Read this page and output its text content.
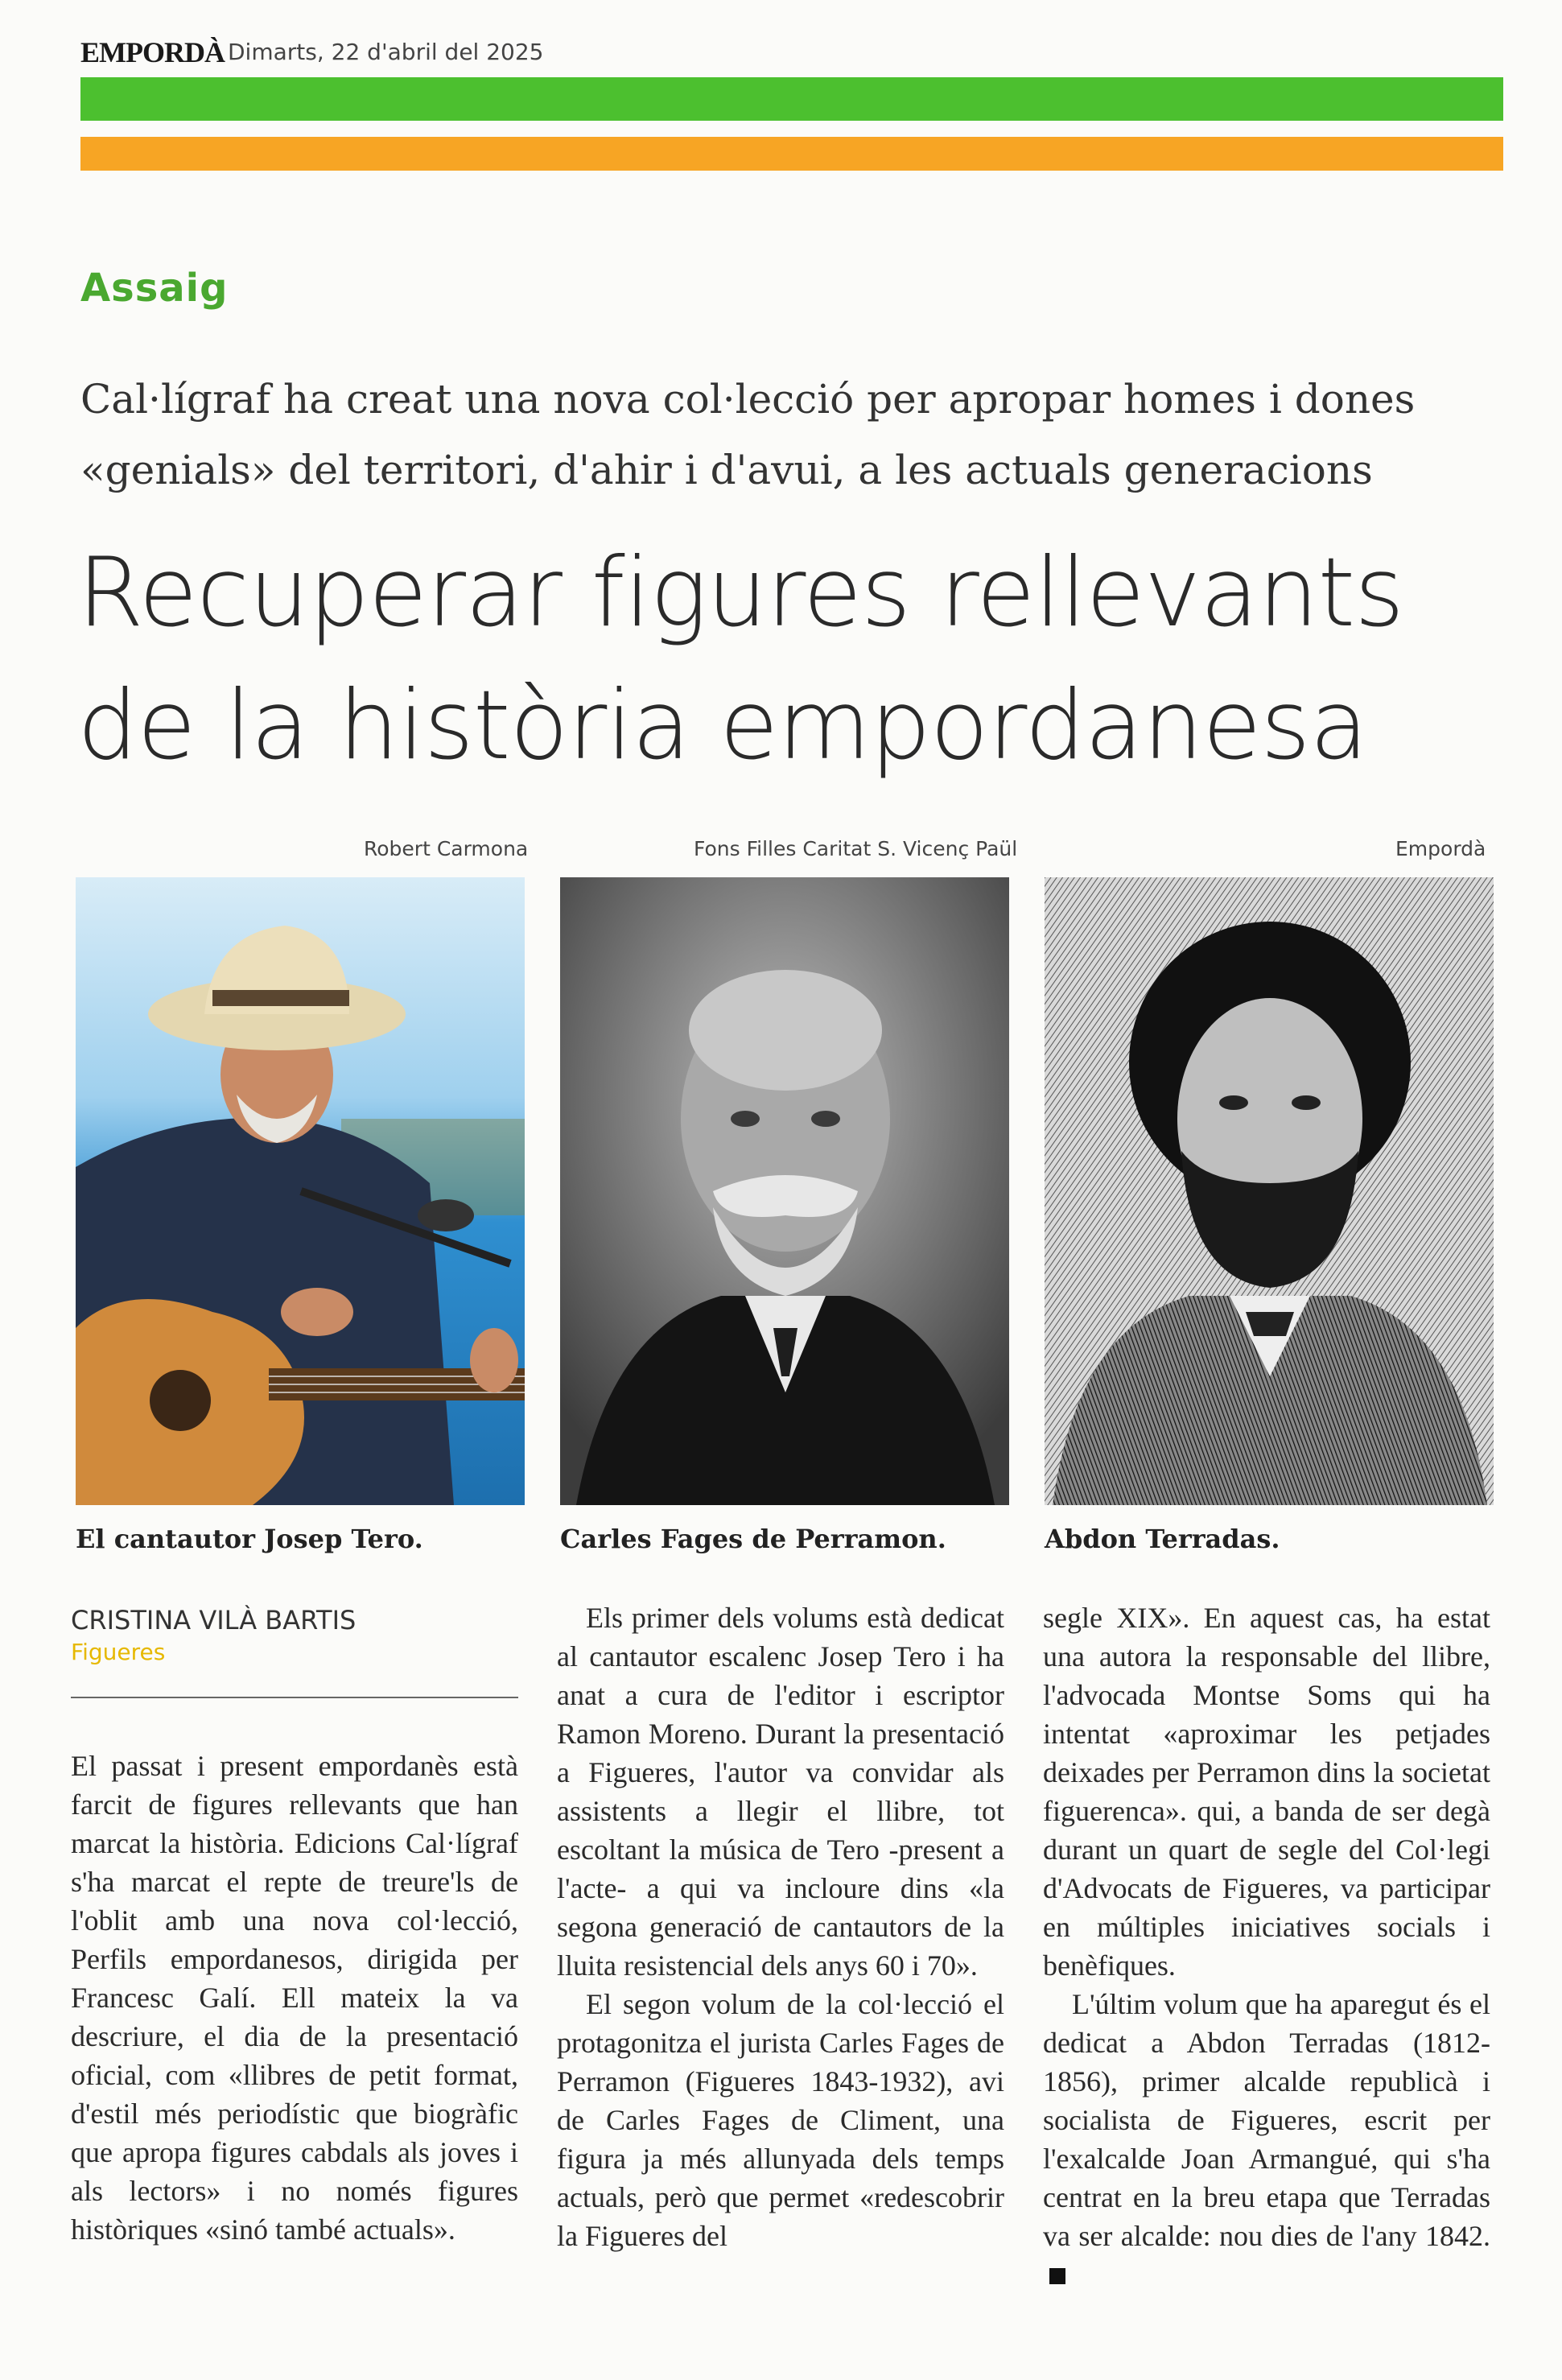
EMPORDÀ Dimarts, 22 d'abril del 2025
Assaig
Cal·lígraf ha creat una nova col·lecció per apropar homes i dones «genials» del territori, d'ahir i d'avui, a les actuals generacions
Recuperar figures rellevants
de la història empordanesa
Robert Carmona	Fons Filles Caritat S. Vicenç Paül	Empordà
El cantautor Josep Tero.	Carles Fages de Perramon.	Abdon Terradas.
CRISTINA VILÀ BARTIS
Figueres

El passat i present empordanès està farcit de figures rellevants que han marcat la història. Edicions Cal·lígraf s'ha marcat el repte de treure'ls de l'oblit amb una nova col·lecció, Perfils empordanesos, dirigida per Francesc Galí. Ell mateix la va descriure, el dia de la presentació oficial, com «llibres de petit format, d'estil més periodístic que biogràfic que apropa figures cabdals als joves i als lectors» i no només figures històriques «sinó també actuals».

Els primer dels volums està dedicat al cantautor escalenc Josep Tero i ha anat a cura de l'editor i escriptor Ramon Moreno. Durant la presentació a Figueres, l'autor va convidar als assistents a llegir el llibre, tot escoltant la música de Tero -present a l'acte- a qui va incloure dins «la segona generació de cantautors de la lluita resistencial dels anys 60 i 70».

El segon volum de la col·lecció el protagonitza el jurista Carles Fages de Perramon (Figueres 1843-1932), avi de Carles Fages de Climent, una figura ja més allunyada dels temps actuals, però que permet «redescobrir la Figueres del

segle XIX». En aquest cas, ha estat una autora la responsable del llibre, l'advocada Montse Soms qui ha intentat «aproximar les petjades deixades per Perramon dins la societat figuerenca». qui, a banda de ser degà durant un quart de segle del Col·legi d'Advocats de Figueres, va participar en múltiples iniciatives socials i benèfiques.

L'últim volum que ha aparegut és el dedicat a Abdon Terradas (1812-1856), primer alcalde republicà i socialista de Figueres, escrit per l'exalcalde Joan Armangué, qui s'ha centrat en la breu etapa que Terradas va ser alcalde: nou dies de l'any 1842.
